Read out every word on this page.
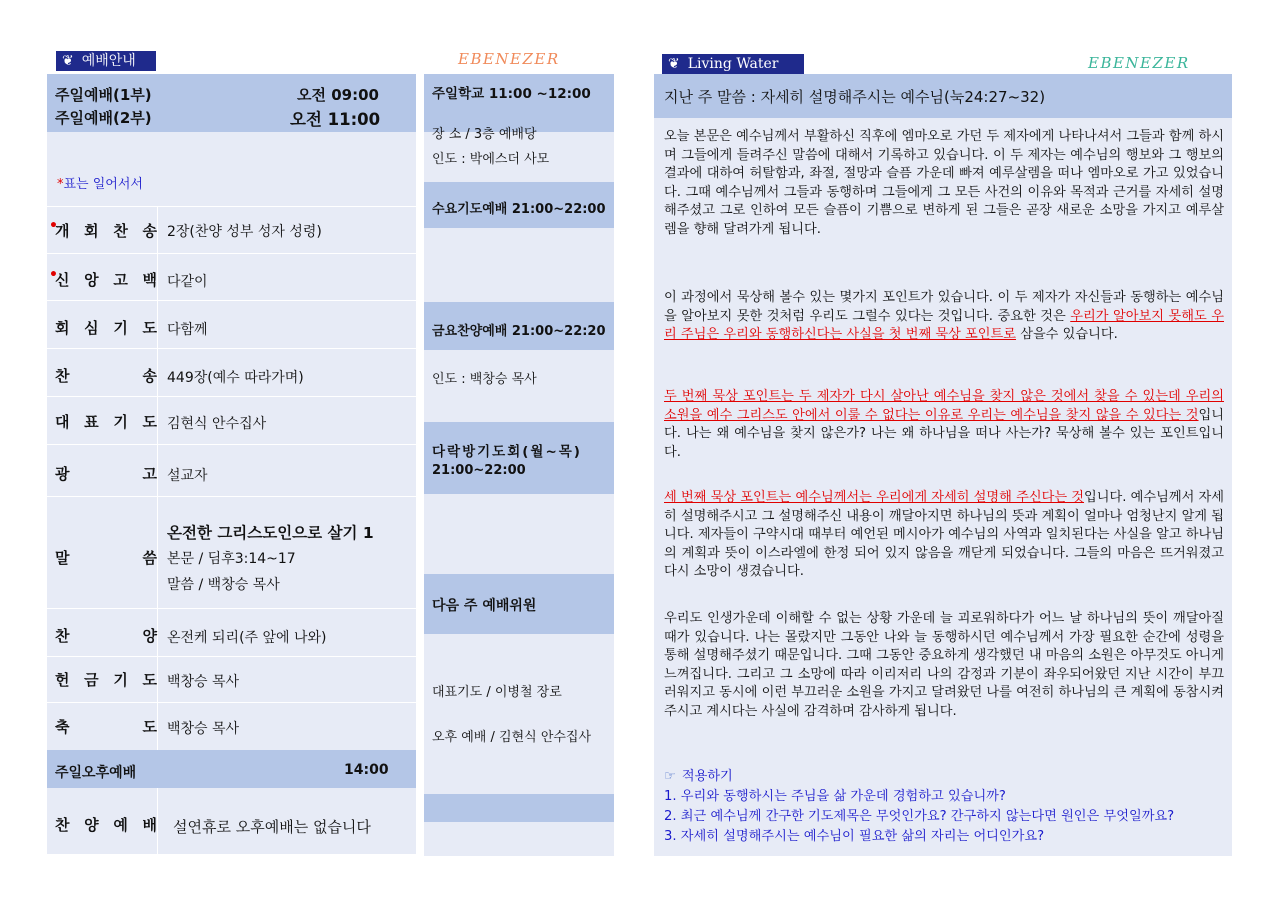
❦ 예배안내	EBENEZER	❦ Living Water	EBENEZER
주일예배(1부)	오전 09:00
주일예배(2부)	오전 11:00
*표는 일어서서
•
개 회 찬 송 2장(찬양 성부 성자 성령)
•
신 앙 고 백 다같이
회 심 기 도 다함께
찬	송 449장(예수 따라가며)
대 표 기 도 김현식 안수집사
광	고 설교자
말	씀
온전한 그리스도인으로 살기 1
본문 / 딤후3:14~17
말씀 / 백창승 목사
찬	양 온전케 되리(주 앞에 나와)
헌 금 기 도 백창승 목사
축	도 백창승 목사
주일오후예배	14:00
찬 양 예 배 설연휴로 오후예배는 없습니다
주일학교 11:00 ~12:00
장 소 / 3층 예배당
인도 : 박에스더 사모
수요기도예배 21:00~22:00
금요찬양예배 21:00~22:20
인도 : 백창승 목사
다락방기도회(월~목)
21:00~22:00
다음 주 예배위원
대표기도 / 이병철 장로
오후 예배 / 김현식 안수집사
지난 주 말씀 : 자세히 설명해주시는 예수님(눅24:27~32)
오늘 본문은 예수님께서 부활하신 직후에 엠마오로 가던 두 제자에게 나타나셔서 그들과 함께 하시며 그들에게 들려주신 말씀에 대해서 기록하고 있습니다. 이 두 제자는 예수님의 행보와 그 행보의 결과에 대하여 허탈함과, 좌절, 절망과 슬픔 가운데 빠져 예루살렘을 떠나 엠마오로 가고 있었습니다. 그때 예수님께서 그들과 동행하며 그들에게 그 모든 사건의 이유와 목적과 근거를 자세히 설명해주셨고 그로 인하여 모든 슬픔이 기쁨으로 변하게 된 그들은 곧장 새로운 소망을 가지고 예루살렘을 향해 달려가게 됩니다.
이 과정에서 묵상해 볼수 있는 몇가지 포인트가 있습니다. 이 두 제자가 자신들과 동행하는 예수님을 알아보지 못한 것처럼 우리도 그럴수 있다는 것입니다. 중요한 것은 우리가 알아보지 못해도 우리 주님은 우리와 동행하신다는 사실을 첫 번째 묵상 포인트로 삼을수 있습니다.
두 번째 묵상 포인트는 두 제자가 다시 살아난 예수님을 찾지 않은 것에서 찾을 수 있는데 우리의 소원을 예수 그리스도 안에서 이룰 수 없다는 이유로 우리는 예수님을 찾지 않을 수 있다는 것입니다. 나는 왜 예수님을 찾지 않은가? 나는 왜 하나님을 떠나 사는가? 묵상해 볼수 있는 포인트입니다.
세 번째 묵상 포인트는 예수님께서는 우리에게 자세히 설명해 주신다는 것입니다. 예수님께서 자세히 설명해주시고 그 설명해주신 내용이 깨달아지면 하나님의 뜻과 계획이 얼마나 엄청난지 알게 됩니다. 제자들이 구약시대 때부터 예언된 메시아가 예수님의 사역과 일치된다는 사실을 알고 하나님의 계획과 뜻이 이스라엘에 한정 되어 있지 않음을 깨닫게 되었습니다. 그들의 마음은 뜨거워졌고 다시 소망이 생겼습니다.
우리도 인생가운데 이해할 수 없는 상황 가운데 늘 괴로워하다가 어느 날 하나님의 뜻이 깨달아질 때가 있습니다. 나는 몰랐지만 그동안 나와 늘 동행하시던 예수님께서 가장 필요한 순간에 성령을 통해 설명해주셨기 때문입니다. 그때 그동안 중요하게 생각했던 내 마음의 소원은 아무것도 아니게 느껴집니다. 그리고 그 소망에 따라 이리저리 나의 감정과 기분이 좌우되어왔던 지난 시간이 부끄러워지고 동시에 이런 부끄러운 소원을 가지고 달려왔던 나를 여전히 하나님의 큰 계획에 동참시켜 주시고 계시다는 사실에 감격하며 감사하게 됩니다.
☞ 적용하기
1. 우리와 동행하시는 주님을 삶 가운데 경험하고 있습니까?
2. 최근 예수님께 간구한 기도제목은 무엇인가요? 간구하지 않는다면 원인은 무엇일까요?
3. 자세히 설명해주시는 예수님이 필요한 삶의 자리는 어디인가요?
